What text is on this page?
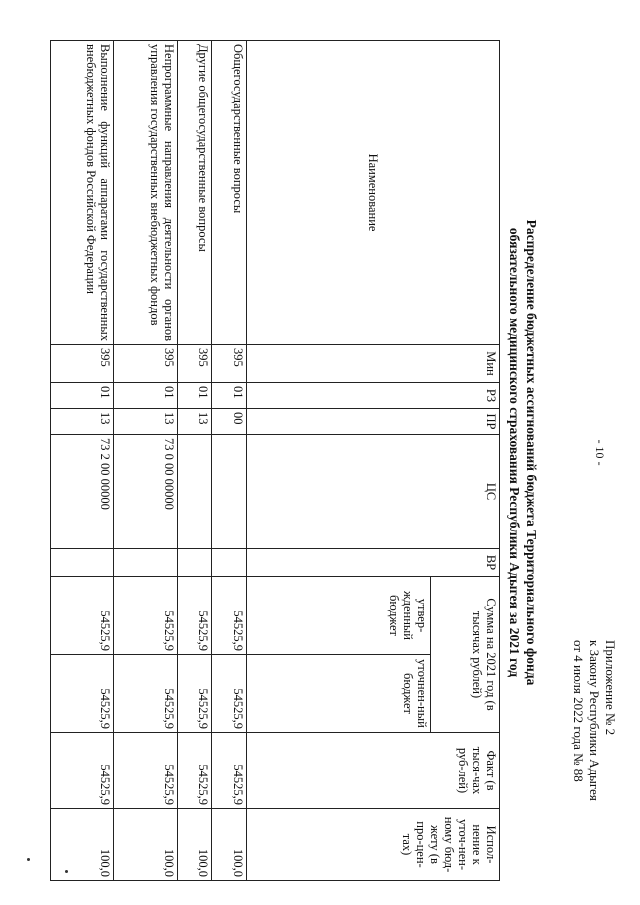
- 10 -
Приложение № 2
к Закону Республики Адыгея
от 4 июля 2022 года № 88
Распределение бюджетных ассигнований бюджета Территориального фонда
обязательного медицинского страхования Республики Адыгея за 2021 год
Наименование	Мин	РЗ	ПР	ЦС	ВР	Сумма на 2021 год (в тысячах рублей)		Факт (в тыся-чах руб-лей)	Испол-нение к уточ-нен-ному бюд-жету (в про-цен-тах)
						утвер-жденный бюджет	уточнен-ный бюджет		
Общегосударственные вопросы	395	01	00			54525,9	54525,9	54525,9	100,0
Другие общегосударственные вопросы	395	01	13			54525,9	54525,9	54525,9	100,0
Непрограммные направления деятельности органов управления государственных внебюджетных фондов	395	01	13	73 0 00 00000		54525,9	54525,9	54525,9	100,0
Выполнение функций аппаратами государственных внебюджетных фондов Российской Федерации	395	01	13	73 2 00 00000		54525,9	54525,9	54525,9	100,0
